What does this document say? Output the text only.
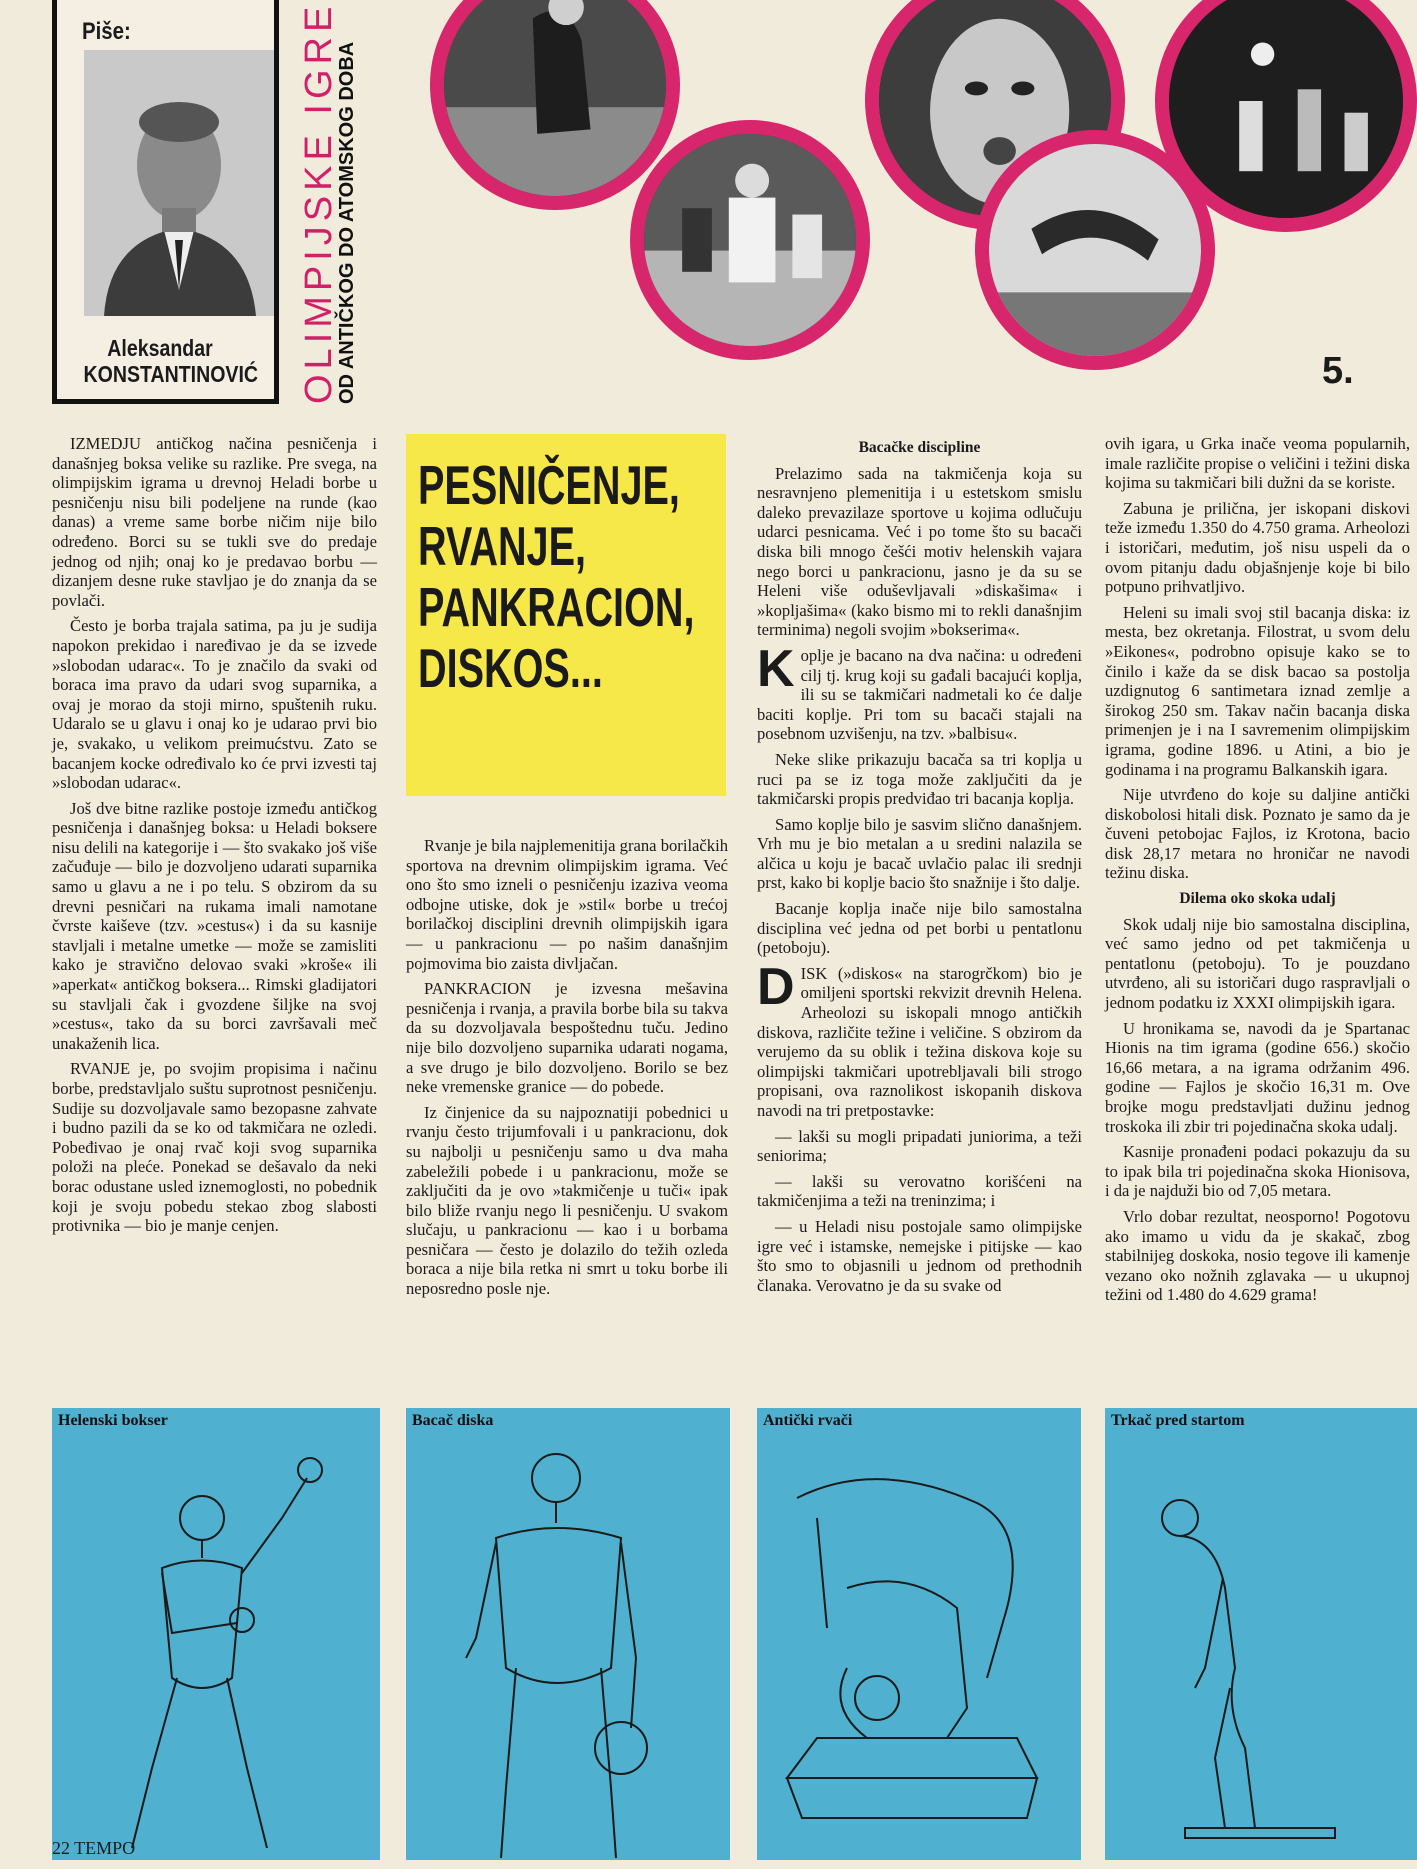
Piše:
Aleksandar
KONSTANTINOVIĆ OLIMPIJSKE IGRE
OD ANTIČKOG DO ATOMSKOG DOBA	5.

IZMEDJU antičkog načina pesničenja i današnjeg boksa velike su razlike. Pre svega, na olimpijskim igrama u drevnoj Heladi borbe u pesničenju nisu bili podeljene na runde (kao danas) a vreme same borbe ničim nije bilo određeno. Borci su se tukli sve do predaje jednog od njih; onaj ko je predavao borbu — dizanjem desne ruke stavljao je do znanja da se povlači.

Često je borba trajala satima, pa ju je sudija napokon prekidao i naređivao je da se izvede »slobodan udarac«. To je značilo da svaki od boraca ima pravo da udari svog suparnika, a ovaj je morao da stoji mirno, spuštenih ruku. Udaralo se u glavu i onaj ko je udarao prvi bio je, svakako, u velikom preimućstvu. Zato se bacanjem kocke određivalo ko će prvi izvesti taj »slobodan udarac«.

Još dve bitne razlike postoje između antičkog pesničenja i današnjeg boksa: u Heladi boksere nisu delili na kategorije i — što svakako još više začuđuje — bilo je dozvoljeno udarati suparnika samo u glavu a ne i po telu. S obzirom da su drevni pesničari na rukama imali namotane čvrste kaiševe (tzv. »cestus«) i da su kasnije stavljali i metalne umetke — može se zamisliti kako je stravično delovao svaki »krošе« ili »aperkat« antičkog boksera... Rimski gladijatori su stavljali čak i gvozdene šiljke na svoj »cestus«, tako da su borci završavali meč unakaženih lica.

RVANJE je, po svojim propisima i načinu borbe, predstavljalo suštu suprotnost pesničenju. Sudije su dozvoljavale samo bezopasne zahvate i budno pazili da se ko od takmičara ne ozledi. Pobeđivao je onaj rvač koji svog suparnika položi na pleće. Ponekad se dešavalo da neki borac odustane usled iznemoglosti, no pobednik koji je svoju pobedu stekao zbog slabosti protivnika — bio je manje cenjen.

PESNIČENJE,
RVANJE,
PANKRACION,
DISKOS...

Rvanje je bila najplemenitija grana borilačkih sportova na drevnim olimpijskim igrama. Već ono što smo izneli o pesničenju izaziva veoma odbojne utiske, dok je »stil« borbe u trećoj borilačkoj disciplini drevnih olimpijskih igara — u pankracionu — po našim današnjim pojmovima bio zaista divljačan.

PANKRACION je izvesna mešavina pesničenja i rvanja, a pravila borbe bila su takva da su dozvoljavala bespoštednu tuču. Jedino nije bilo dozvoljeno suparnika udarati nogama, a sve drugo je bilo dozvoljeno. Borilo se bez neke vremenske granice — do pobede.

Iz činjenice da su najpoznatiji pobednici u rvanju često trijumfovali i u pankracionu, dok su najbolji u pesničenju samo u dva maha zabeležili pobede i u pankracionu, može se zaključiti da je ovo »takmičenje u tuči« ipak bilo bliže rvanju nego li pesničenju. U svakom slučaju, u pankracionu — kao i u borbama pesničara — često je dolazilo do težih ozleda boraca a nije bila retka ni smrt u toku borbe ili neposredno posle nje.

Bacačke discipline

Prelazimo sada na takmičenja koja su nesravnjeno plemenitija i u estetskom smislu daleko prevazilaze sportove u kojima odlučuju udarci pesnicama. Već i po tome što su bacači diska bili mnogo češći motiv helenskih vajara nego borci u pankracionu, jasno je da su se Heleni više oduševljavali »diskašima« i »kopljašima« (kako bismo mi to rekli današnjim terminima) negoli svojim »bokserima«.

Koplje je bacano na dva načina: u određeni cilj tj. krug koji su gađali bacajući koplja, ili su se takmičari nadmetali ko će dalje baciti koplje. Pri tom su bacači stajali na posebnom uzvišenju, na tzv. »balbisu«.

Neke slike prikazuju bacača sa tri koplja u ruci pa se iz toga može zaključiti da je takmičarski propis predviđao tri bacanja koplja.

Samo koplje bilo je sasvim slično današnjem. Vrh mu je bio metalan a u sredini nalazila se alčica u koju je bacač uvlačio palac ili srednji prst, kako bi koplje bacio što snažnije i što dalje.

Bacanje koplja inače nije bilo samostalna disciplina već jedna od pet borbi u pentatlonu (petoboju).

DISK (»diskos« na starogrčkom) bio je omiljeni sportski rekvizit drevnih Helena. Arheolozi su iskopali mnogo antičkih diskova, različite težine i veličine. S obzirom da verujemo da su oblik i težina diskova koje su olimpijski takmičari upotrebljavali bili strogo propisani, ova raznolikost iskopanih diskova navodi na tri pretpostavke:

— lakši su mogli pripadati juniorima, a teži seniorima;

— lakši su verovatno korišćeni na takmičenjima a teži na treninzima; i

— u Heladi nisu postojale samo olimpijske igre već i istamske, nemejske i pitijske — kao što smo to objasnili u jednom od prethodnih članaka. Verovatno je da su svake od

ovih igara, u Grka inače veoma popularnih, imale različite propise o veličini i težini diska kojima su takmičari bili dužni da se koriste.

Zabuna je prilična, jer iskopani diskovi teže između 1.350 do 4.750 grama. Arheolozi i istoričari, međutim, još nisu uspeli da o ovom pitanju dadu objašnjenje koje bi bilo potpuno prihvatljivo.

Heleni su imali svoj stil bacanja diska: iz mesta, bez okretanja. Filostrat, u svom delu »Eikones«, podrobno opisuje kako se to činilo i kaže da se disk bacao sa postolja uzdignutog 6 santimetara iznad zemlje a širokog 250 sm. Takav način bacanja diska primenjen je i na I savremenim olimpijskim igrama, godine 1896. u Atini, a bio je godinama i na programu Balkanskih igara.

Nije utvrđeno do koje su daljine antički diskobolosi hitali disk. Poznato je samo da je čuveni petobojac Fajlos, iz Krotona, bacio disk 28,17 metara no hroničar ne navodi težinu diska.

Dilema oko skoka udalj

Skok udalj nije bio samostalna disciplina, već samo jedno od pet takmičenja u pentatlonu (petoboju). To je pouzdano utvrđeno, ali su istoričari dugo raspravljali o jednom podatku iz XXXI olimpijskih igara.

U hronikama se, navodi da je Spartanac Hionis na tim igrama (godine 656.) skočio 16,66 metara, a na igrama održanim 496. godine — Fajlos je skočio 16,31 m. Ove brojke mogu predstavljati dužinu jednog troskoka ili zbir tri pojedinačna skoka udalj.

Kasnije pronađeni podaci pokazuju da su to ipak bila tri pojedinačna skoka Hionisova, i da je najduži bio od 7,05 metara.

Vrlo dobar rezultat, neosporno! Pogotovu ako imamo u vidu da je skakač, zbog stabilnijeg doskoka, nosio tegove ili kamenje vezano oko nožnih zglavaka — u ukupnoj težini od 1.480 do 4.629 grama!

Helenski bokser	Bacač diska	Antički rvači	Trkač pred startom
22 TEMPO
